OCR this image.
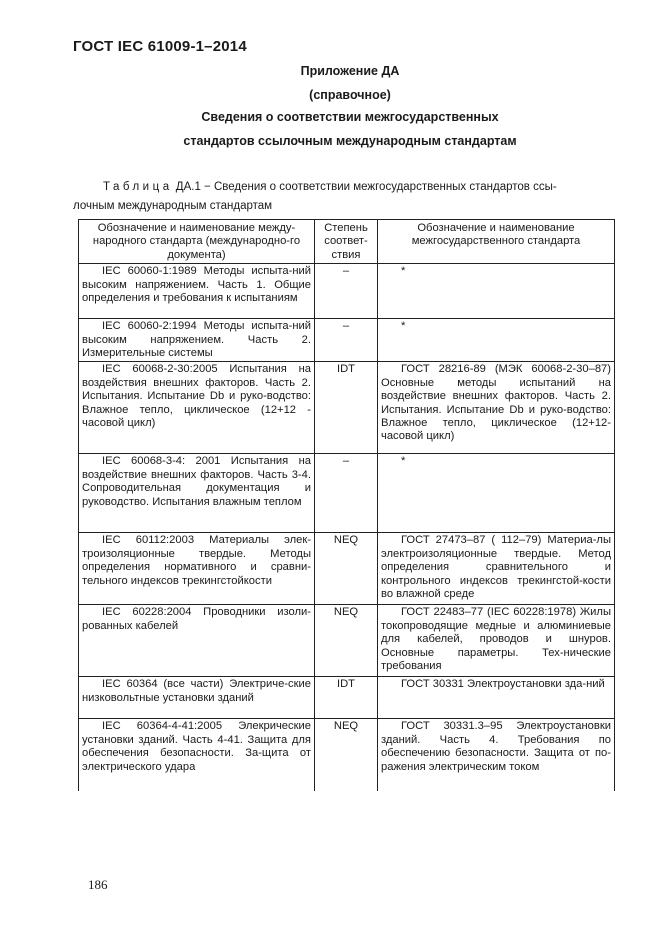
ГОСТ IEC 61009-1–2014
Приложение ДА
(справочное)
Сведения о соответствии межгосударственных
стандартов ссылочным международным стандартам
Таблица ДА.1 − Сведения о соответствии межгосударственных стандартов ссы-
лочным международным стандартам
Обозначение и наименование между-народного стандарта (международно-го документа)	Степень соответ-ствия	Обозначение и наименование межгосударственного стандарта
IEC 60060-1:1989 Методы испыта-ний высоким напряжением. Часть 1. Общие определения и требования к испытаниям	–	*
IEC 60060-2:1994 Методы испыта-ний высоким напряжением. Часть 2. Измерительные системы	–	*
IEC 60068-2-30:2005 Испытания на воздействия внешних факторов. Часть 2. Испытания. Испытание Db и руко-водство: Влажное тепло, циклическое (12+12 - часовой цикл)	IDT	ГОСТ 28216-89 (МЭК 60068-2-30–87) Основные методы испытаний на воздействие внешних факторов. Часть 2. Испытания. Испытание Db и руко-водство: Влажное тепло, циклическое (12+12-часовой цикл)
IEC 60068-3-4: 2001 Испытания на воздействие внешних факторов. Часть 3-4. Сопроводительная документация и руководство. Испытания влажным теплом	–	*
IEC 60112:2003 Материалы элек-троизоляционные твердые. Методы определения нормативного и сравни-тельного индексов трекингстойкости	NEQ	ГОСТ 27473–87 ( 112–79) Материа-лы электроизоляционные твердые. Метод определения сравнительного и контрольного индексов трекингстой-кости во влажной среде
IEC 60228:2004 Проводники изоли-рованных кабелей	NEQ	ГОСТ 22483–77 (IEC 60228:1978) Жилы токопроводящие медные и алюминиевые для кабелей, проводов и шнуров. Основные параметры. Тех-нические требования
IEC 60364 (все части) Электриче-ские низковольтные установки зданий	IDT	ГОСТ 30331 Электроустановки зда-ний
IEC 60364-4-41:2005 Элекрические установки зданий. Часть 4-41. Защита для обеспечения безопасности. За-щита от электрического удара	NEQ	ГОСТ 30331.3–95 Электроустановки зданий. Часть 4. Требования по обеспечению безопасности. Защита от по-ражения электрическим током
186
